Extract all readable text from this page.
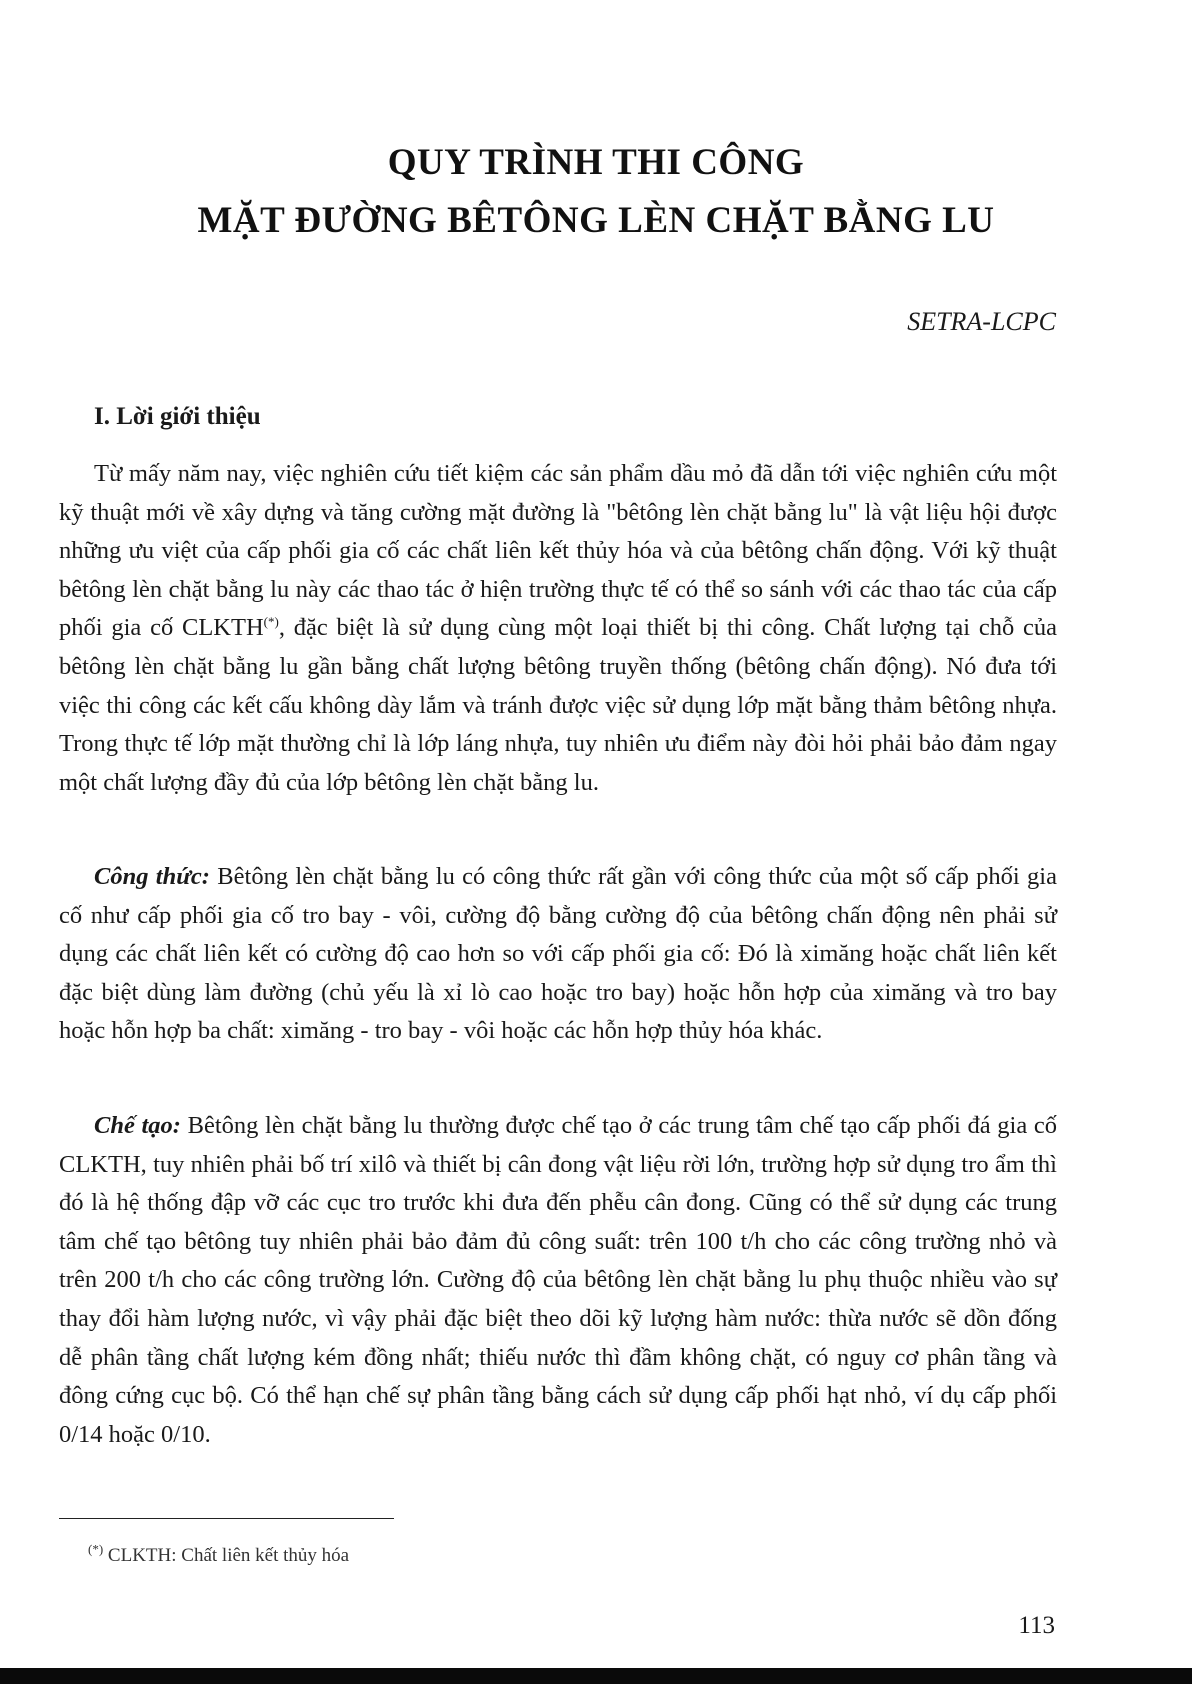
QUY TRÌNH THI CÔNG
MẶT ĐƯỜNG BÊTÔNG LÈN CHẶT BẰNG LU
SETRA-LCPC
I. Lời giới thiệu

Từ mấy năm nay, việc nghiên cứu tiết kiệm các sản phẩm dầu mỏ đã dẫn tới việc nghiên cứu một kỹ thuật mới về xây dựng và tăng cường mặt đường là "bêtông lèn chặt bằng lu" là vật liệu hội được những ưu việt của cấp phối gia cố các chất liên kết thủy hóa và của bêtông chấn động. Với kỹ thuật bêtông lèn chặt bằng lu này các thao tác ở hiện trường thực tế có thể so sánh với các thao tác của cấp phối gia cố CLKTH(*), đặc biệt là sử dụng cùng một loại thiết bị thi công. Chất lượng tại chỗ của bêtông lèn chặt bằng lu gần bằng chất lượng bêtông truyền thống (bêtông chấn động). Nó đưa tới việc thi công các kết cấu không dày lắm và tránh được việc sử dụng lớp mặt bằng thảm bêtông nhựa. Trong thực tế lớp mặt thường chỉ là lớp láng nhựa, tuy nhiên ưu điểm này đòi hỏi phải bảo đảm ngay một chất lượng đầy đủ của lớp bêtông lèn chặt bằng lu.

Công thức: Bêtông lèn chặt bằng lu có công thức rất gần với công thức của một số cấp phối gia cố như cấp phối gia cố tro bay - vôi, cường độ bằng cường độ của bêtông chấn động nên phải sử dụng các chất liên kết có cường độ cao hơn so với cấp phối gia cố: Đó là ximăng hoặc chất liên kết đặc biệt dùng làm đường (chủ yếu là xỉ lò cao hoặc tro bay) hoặc hỗn hợp của ximăng và tro bay hoặc hỗn hợp ba chất: ximăng - tro bay - vôi hoặc các hỗn hợp thủy hóa khác.

Chế tạo: Bêtông lèn chặt bằng lu thường được chế tạo ở các trung tâm chế tạo cấp phối đá gia cố CLKTH, tuy nhiên phải bố trí xilô và thiết bị cân đong vật liệu rời lớn, trường hợp sử dụng tro ẩm thì đó là hệ thống đập vỡ các cục tro trước khi đưa đến phễu cân đong. Cũng có thể sử dụng các trung tâm chế tạo bêtông tuy nhiên phải bảo đảm đủ công suất: trên 100 t/h cho các công trường nhỏ và trên 200 t/h cho các công trường lớn. Cường độ của bêtông lèn chặt bằng lu phụ thuộc nhiều vào sự thay đổi hàm lượng nước, vì vậy phải đặc biệt theo dõi kỹ lượng hàm nước: thừa nước sẽ dồn đống dễ phân tầng chất lượng kém đồng nhất; thiếu nước thì đầm không chặt, có nguy cơ phân tầng và đông cứng cục bộ. Có thể hạn chế sự phân tầng bằng cách sử dụng cấp phối hạt nhỏ, ví dụ cấp phối 0/14 hoặc 0/10.

(*) CLKTH: Chất liên kết thủy hóa
113
